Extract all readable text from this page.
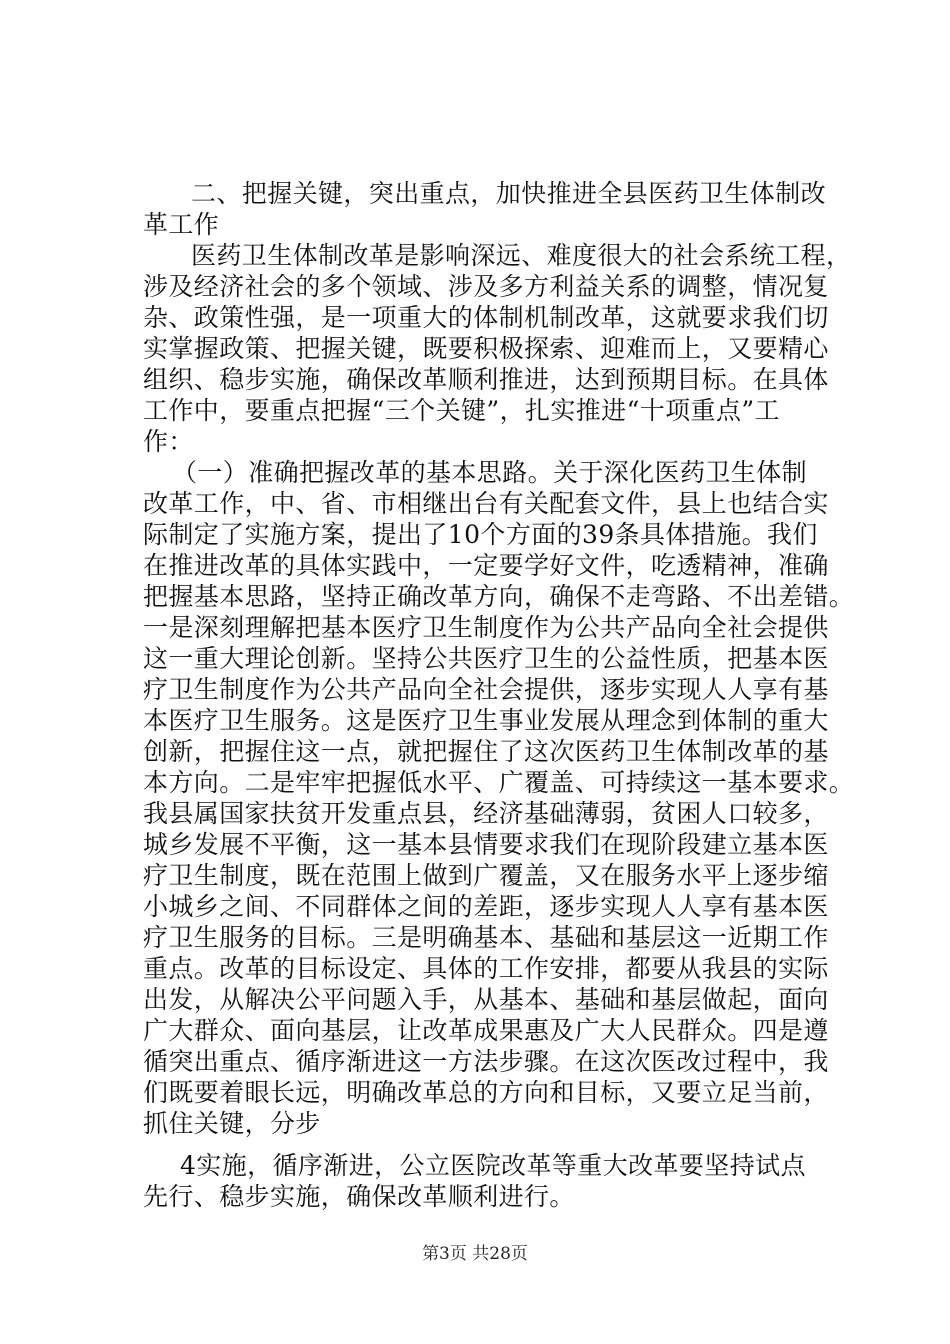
二、把握关键，突出重点，加快推进全县医药卫生体制改
革工作
医药卫生体制改革是影响深远、难度很大的社会系统工程，
涉及经济社会的多个领域、涉及多方利益关系的调整，情况复
杂、政策性强，是一项重大的体制机制改革，这就要求我们切
实掌握政策、把握关键，既要积极探索、迎难而上，又要精心
组织、稳步实施，确保改革顺利推进，达到预期目标。在具体
工作中，要重点把握“三个关键”，扎实推进“十项重点”工
作：
（一）准确把握改革的基本思路。关于深化医药卫生体制
改革工作，中、省、市相继出台有关配套文件，县上也结合实
际制定了实施方案，提出了10个方面的39条具体措施。我们
在推进改革的具体实践中，一定要学好文件，吃透精神，准确
把握基本思路，坚持正确改革方向，确保不走弯路、不出差错。
一是深刻理解把基本医疗卫生制度作为公共产品向全社会提供
这一重大理论创新。坚持公共医疗卫生的公益性质，把基本医
疗卫生制度作为公共产品向全社会提供，逐步实现人人享有基
本医疗卫生服务。这是医疗卫生事业发展从理念到体制的重大
创新，把握住这一点，就把握住了这次医药卫生体制改革的基
本方向。二是牢牢把握低水平、广覆盖、可持续这一基本要求。
我县属国家扶贫开发重点县，经济基础薄弱，贫困人口较多，
城乡发展不平衡，这一基本县情要求我们在现阶段建立基本医
疗卫生制度，既在范围上做到广覆盖，又在服务水平上逐步缩
小城乡之间、不同群体之间的差距，逐步实现人人享有基本医
疗卫生服务的目标。三是明确基本、基础和基层这一近期工作
重点。改革的目标设定、具体的工作安排，都要从我县的实际
出发，从解决公平问题入手，从基本、基础和基层做起，面向
广大群众、面向基层，让改革成果惠及广大人民群众。四是遵
循突出重点、循序渐进这一方法步骤。在这次医改过程中，我
们既要着眼长远，明确改革总的方向和目标，又要立足当前，
抓住关键，分步
4实施，循序渐进，公立医院改革等重大改革要坚持试点
先行、稳步实施，确保改革顺利进行。
第3页 共28页
